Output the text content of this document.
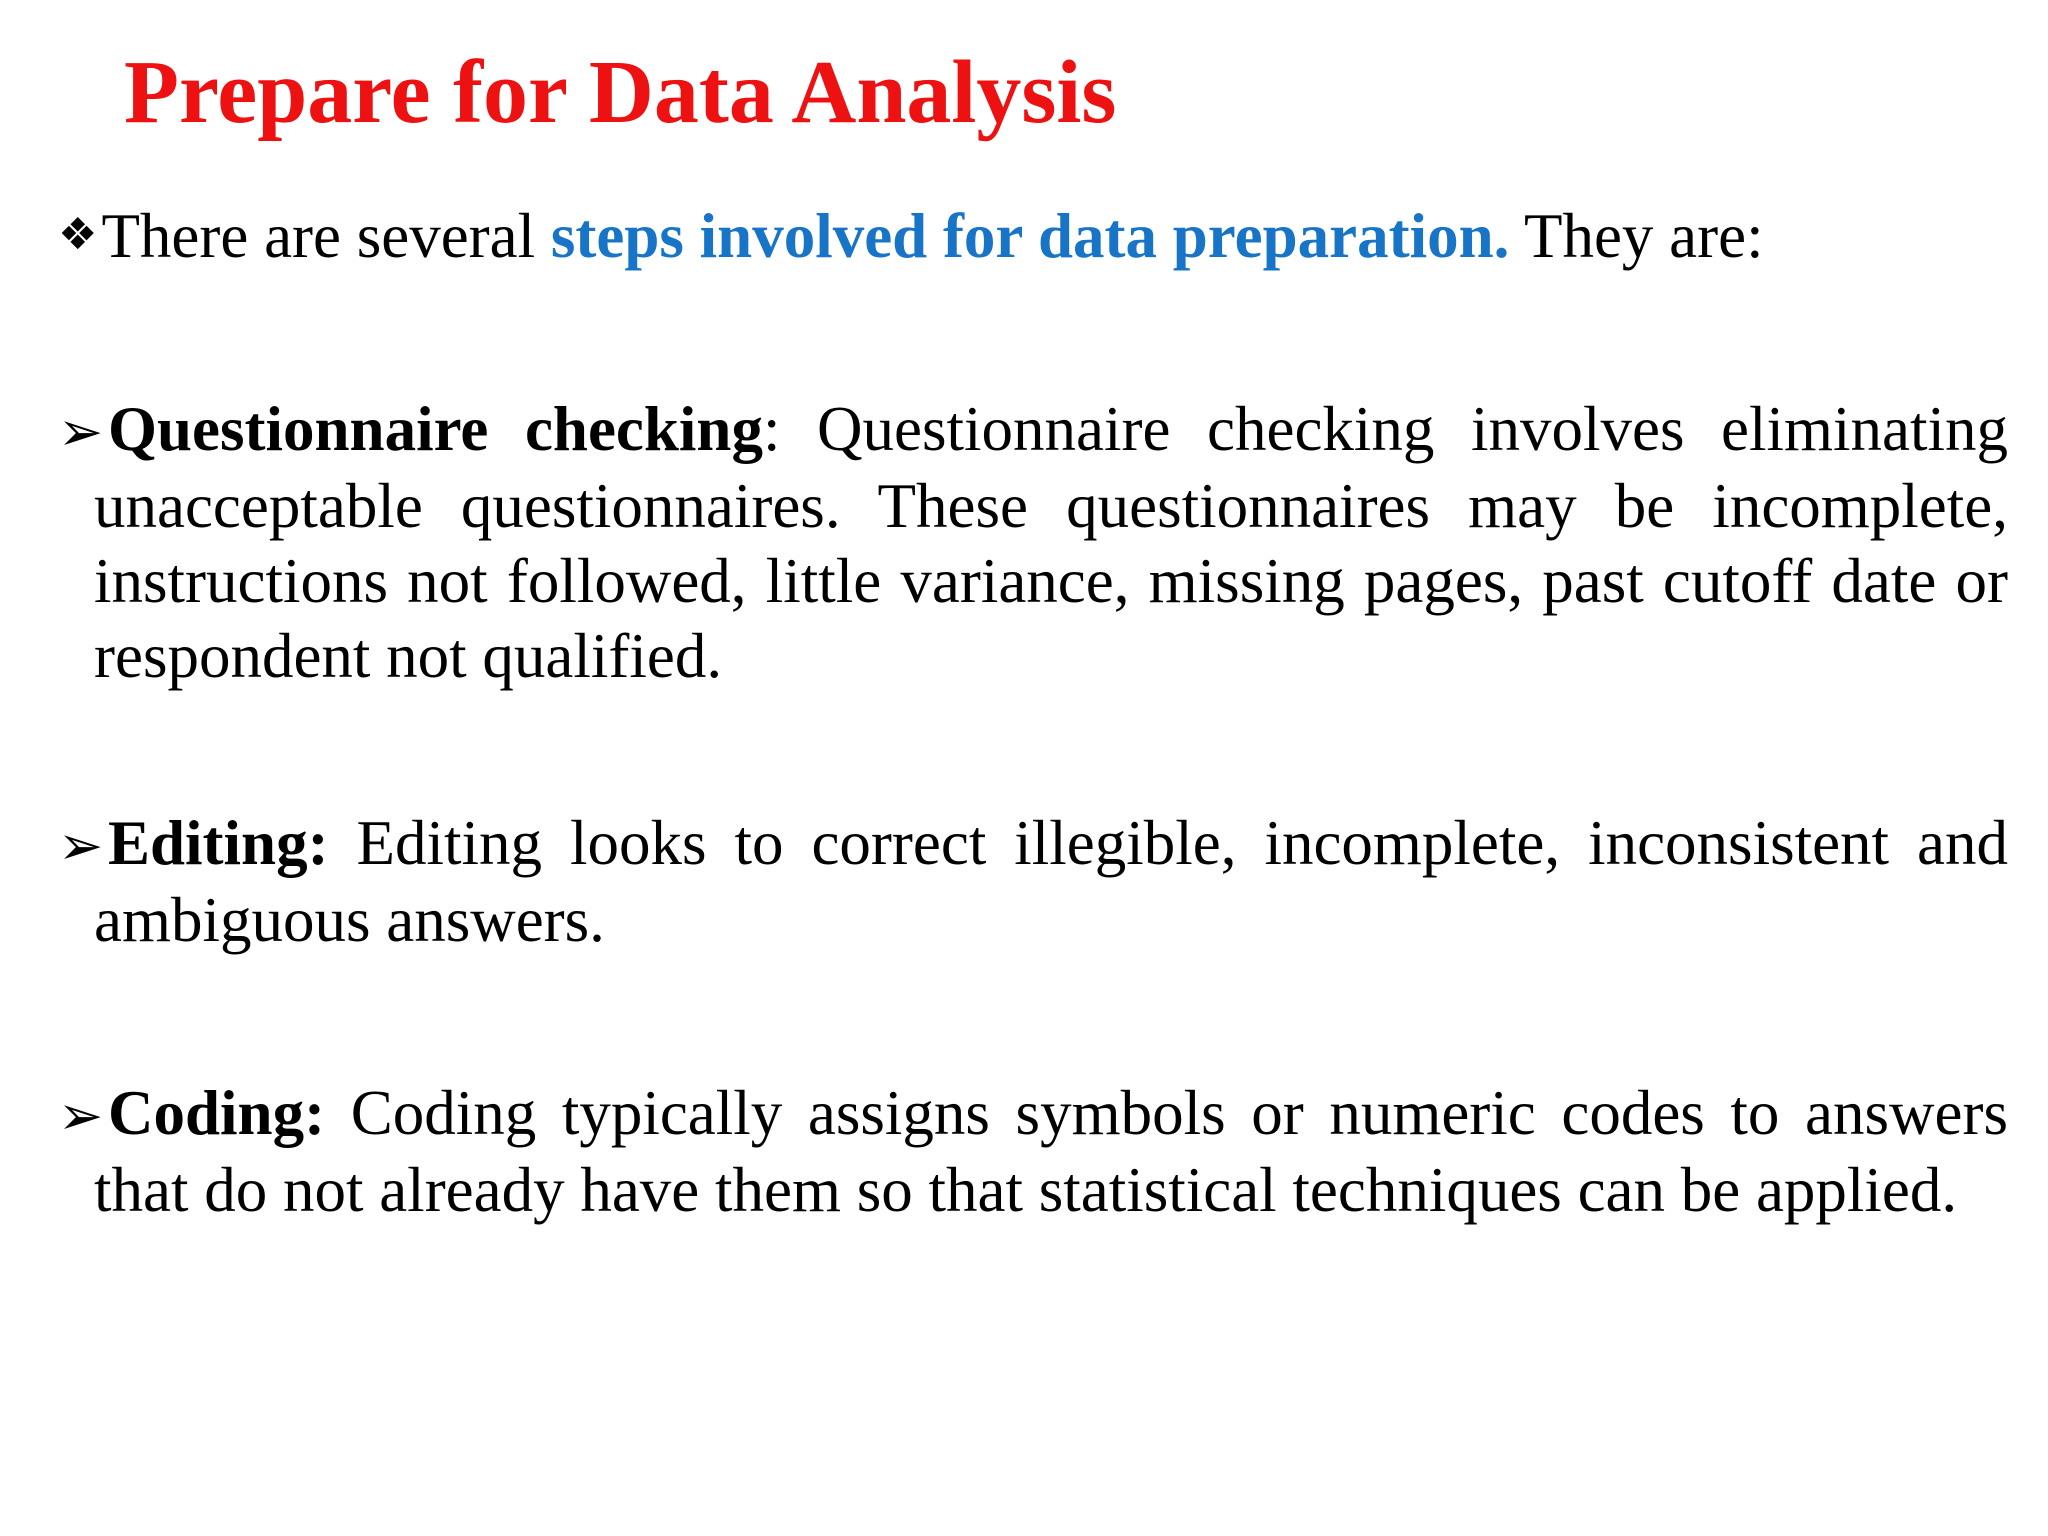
Prepare for Data Analysis

❖There are several steps involved for data preparation. They are:

➢Questionnaire checking: Questionnaire checking involves eliminating unacceptable questionnaires. These questionnaires may be incomplete, instructions not followed, little variance, missing pages, past cutoff date or respondent not qualified.

➢Editing: Editing looks to correct illegible, incomplete, inconsistent and ambiguous answers.

➢Coding: Coding typically assigns symbols or numeric codes to answers that do not already have them so that statistical techniques can be applied.
